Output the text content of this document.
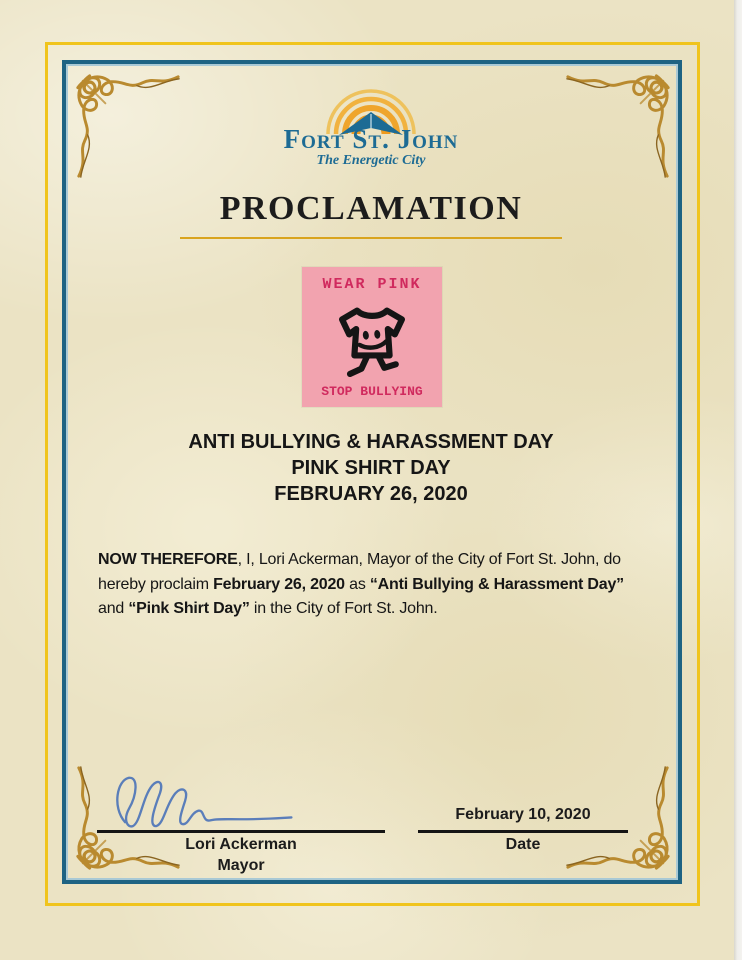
Fort St. John
The Energetic City
PROCLAMATION
WEAR PINK
STOP BULLYING
ANTI BULLYING & HARASSMENT DAY
PINK SHIRT DAY
FEBRUARY 26, 2020

NOW THEREFORE, I, Lori Ackerman, Mayor of the City of Fort St. John, do hereby proclaim February 26, 2020 as “Anti Bullying & Harassment Day” and “Pink Shirt Day” in the City of Fort St. John.

Lori Ackerman
Mayor
February 10, 2020
Date
